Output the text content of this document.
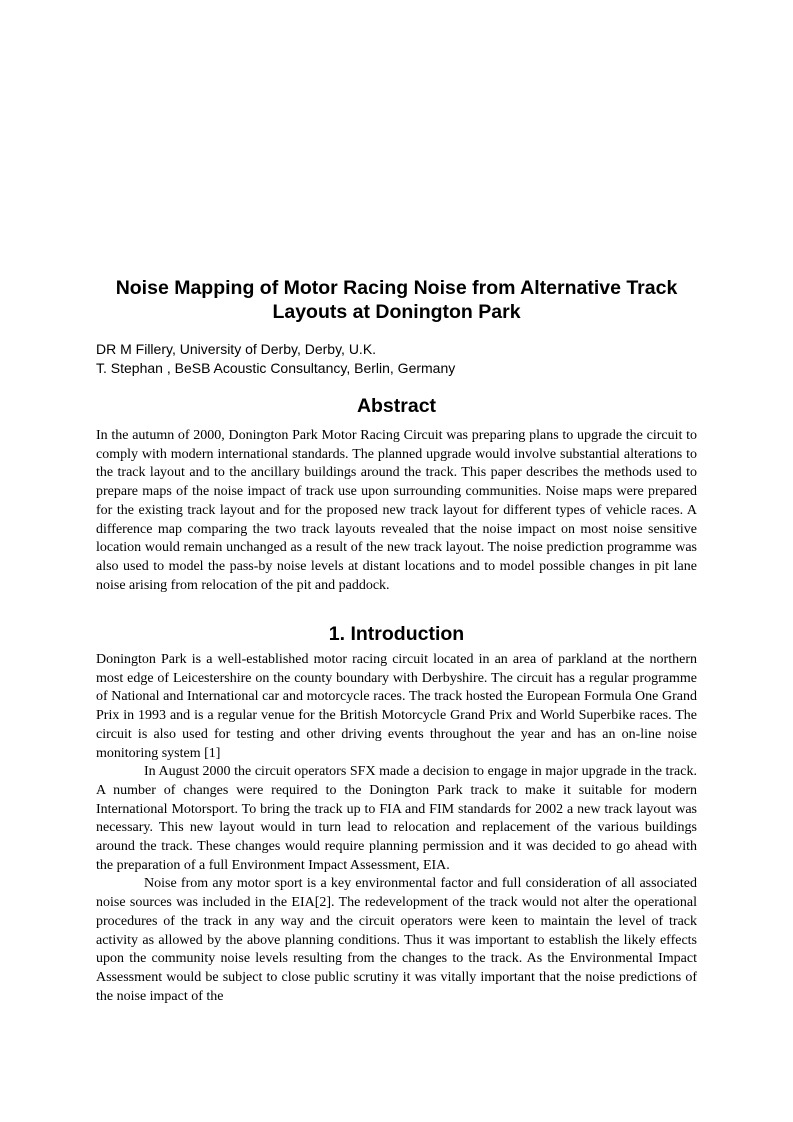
Noise Mapping of Motor Racing Noise from Alternative Track Layouts at Donington Park
DR M Fillery, University of Derby, Derby, U.K.
T. Stephan , BeSB Acoustic Consultancy, Berlin, Germany
Abstract

In the autumn of 2000, Donington Park Motor Racing Circuit was preparing plans to upgrade the circuit to comply with modern international standards. The planned upgrade would involve substantial alterations to the track layout and to the ancillary buildings around the track. This paper describes the methods used to prepare maps of the noise impact of track use upon surrounding communities. Noise maps were prepared for the existing track layout and for the proposed new track layout for different types of vehicle races. A difference map comparing the two track layouts revealed that the noise impact on most noise sensitive location would remain unchanged as a result of the new track layout. The noise prediction programme was also used to model the pass-by noise levels at distant locations and to model possible changes in pit lane noise arising from relocation of the pit and paddock.

1. Introduction

Donington Park is a well-established motor racing circuit located in an area of parkland at the northern most edge of Leicestershire on the county boundary with Derbyshire. The circuit has a regular programme of National and International car and motorcycle races. The track hosted the European Formula One Grand Prix in 1993 and is a regular venue for the British Motorcycle Grand Prix and World Superbike races. The circuit is also used for testing and other driving events throughout the year and has an on-line noise monitoring system [1]

In August 2000 the circuit operators SFX made a decision to engage in major upgrade in the track. A number of changes were required to the Donington Park track to make it suitable for modern International Motorsport. To bring the track up to FIA and FIM standards for 2002 a new track layout was necessary. This new layout would in turn lead to relocation and replacement of the various buildings around the track. These changes would require planning permission and it was decided to go ahead with the preparation of a full Environment Impact Assessment, EIA.

Noise from any motor sport is a key environmental factor and full consideration of all associated noise sources was included in the EIA[2]. The redevelopment of the track would not alter the operational procedures of the track in any way and the circuit operators were keen to maintain the level of track activity as allowed by the above planning conditions. Thus it was important to establish the likely effects upon the community noise levels resulting from the changes to the track. As the Environmental Impact Assessment would be subject to close public scrutiny it was vitally important that the noise predictions of the noise impact of the
